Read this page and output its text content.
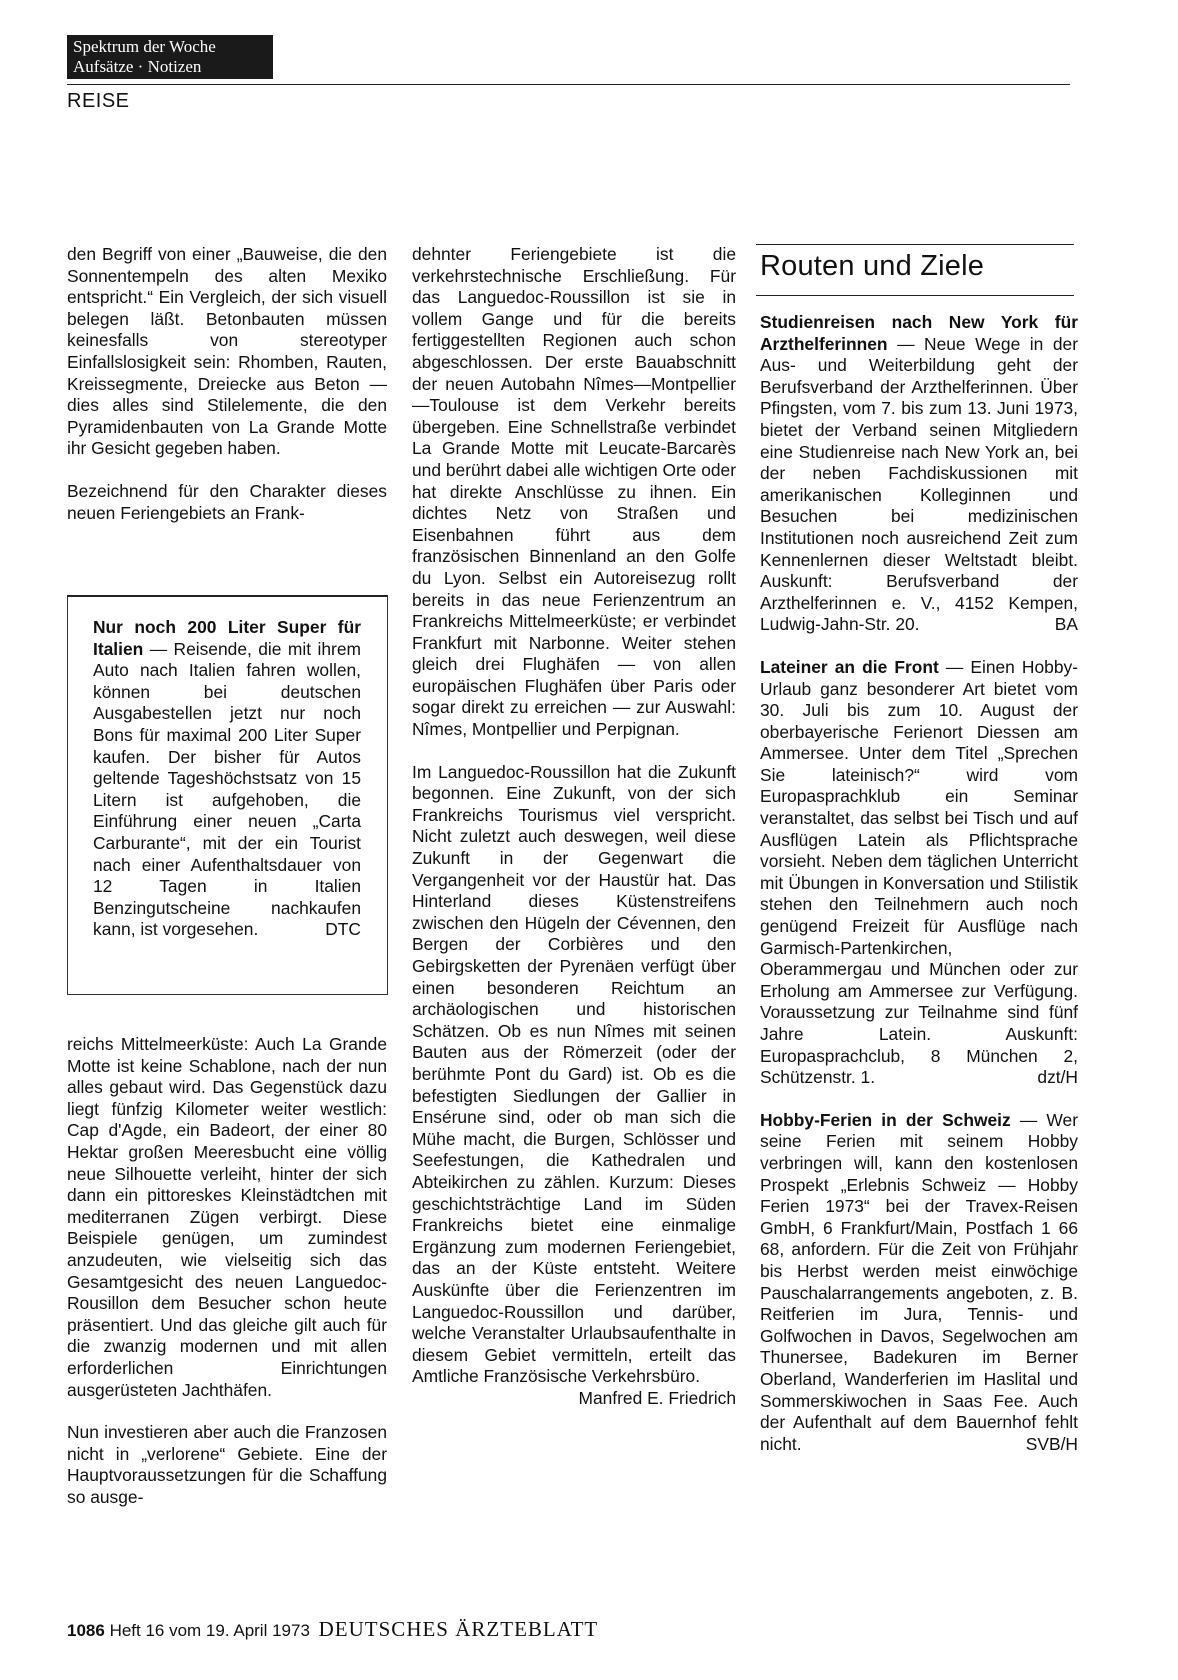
Spektrum der Woche
Aufsätze · Notizen
REISE

den Begriff von einer „Bauweise, die den Sonnentempeln des alten Mexiko entspricht.“ Ein Vergleich, der sich visuell belegen läßt. Betonbauten müssen keinesfalls von stereotyper Einfallslosigkeit sein: Rhomben, Rauten, Kreissegmente, Dreiecke aus Beton — dies alles sind Stilelemente, die den Pyramidenbauten von La Grande Motte ihr Gesicht gegeben haben.

Bezeichnend für den Charakter dieses neuen Feriengebiets an Frank-

Nur noch 200 Liter Super für Italien — Reisende, die mit ihrem Auto nach Italien fahren wollen, können bei deutschen Ausgabestellen jetzt nur noch Bons für maximal 200 Liter Super kaufen. Der bisher für Autos geltende Tageshöchstsatz von 15 Litern ist aufgehoben, die Einführung einer neuen „Carta Carburante“, mit der ein Tourist nach einer Aufenthaltsdauer von 12 Tagen in Italien Benzingutscheine nachkaufen kann, ist vorgesehen.	DTC

reichs Mittelmeerküste: Auch La Grande Motte ist keine Schablone, nach der nun alles gebaut wird. Das Gegenstück dazu liegt fünfzig Kilometer weiter westlich: Cap d'Agde, ein Badeort, der einer 80 Hektar großen Meeresbucht eine völlig neue Silhouette verleiht, hinter der sich dann ein pittoreskes Kleinstädtchen mit mediterranen Zügen verbirgt. Diese Beispiele genügen, um zumindest anzudeuten, wie vielseitig sich das Gesamtgesicht des neuen Languedoc-Rousillon dem Besucher schon heute präsentiert. Und das gleiche gilt auch für die zwanzig modernen und mit allen erforderlichen Einrichtungen ausgerüsteten Jachthäfen.

Nun investieren aber auch die Franzosen nicht in „verlorene“ Gebiete. Eine der Hauptvoraussetzungen für die Schaffung so ausge-

dehnter Feriengebiete ist die verkehrstechnische Erschließung. Für das Languedoc-Roussillon ist sie in vollem Gange und für die bereits fertiggestellten Regionen auch schon abgeschlossen. Der erste Bauabschnitt der neuen Autobahn Nîmes—Montpellier—Toulouse ist dem Verkehr bereits übergeben. Eine Schnellstraße verbindet La Grande Motte mit Leucate-Barcarès und berührt dabei alle wichtigen Orte oder hat direkte Anschlüsse zu ihnen. Ein dichtes Netz von Straßen und Eisenbahnen führt aus dem französischen Binnenland an den Golfe du Lyon. Selbst ein Autoreisezug rollt bereits in das neue Ferienzentrum an Frankreichs Mittelmeerküste; er verbindet Frankfurt mit Narbonne. Weiter stehen gleich drei Flughäfen — von allen europäischen Flughäfen über Paris oder sogar direkt zu erreichen — zur Auswahl: Nîmes, Montpellier und Perpignan.

Im Languedoc-Roussillon hat die Zukunft begonnen. Eine Zukunft, von der sich Frankreichs Tourismus viel verspricht. Nicht zuletzt auch deswegen, weil diese Zukunft in der Gegenwart die Vergangenheit vor der Haustür hat. Das Hinterland dieses Küstenstreifens zwischen den Hügeln der Cévennen, den Bergen der Corbières und den Gebirgsketten der Pyrenäen verfügt über einen besonderen Reichtum an archäologischen und historischen Schätzen. Ob es nun Nîmes mit seinen Bauten aus der Römerzeit (oder der berühmte Pont du Gard) ist. Ob es die befestigten Siedlungen der Gallier in Ensérune sind, oder ob man sich die Mühe macht, die Burgen, Schlösser und Seefestungen, die Kathedralen und Abteikirchen zu zählen. Kurzum: Dieses geschichtsträchtige Land im Süden Frankreichs bietet eine einmalige Ergänzung zum modernen Feriengebiet, das an der Küste entsteht. Weitere Auskünfte über die Ferienzentren im Languedoc-Roussillon und darüber, welche Veranstalter Urlaubsaufenthalte in diesem Gebiet vermitteln, erteilt das Amtliche Französische Verkehrsbüro.
Manfred E. Friedrich

Routen und Ziele

Studienreisen nach New York für Arzthelferinnen — Neue Wege in der Aus- und Weiterbildung geht der Berufsverband der Arzthelferinnen. Über Pfingsten, vom 7. bis zum 13. Juni 1973, bietet der Verband seinen Mitgliedern eine Studienreise nach New York an, bei der neben Fachdiskussionen mit amerikanischen Kolleginnen und Besuchen bei medizinischen Institutionen noch ausreichend Zeit zum Kennenlernen dieser Weltstadt bleibt. Auskunft: Berufsverband der Arzthelferinnen e. V., 4152 Kempen, Ludwig-Jahn-Str. 20.	BA

Lateiner an die Front — Einen Hobby-Urlaub ganz besonderer Art bietet vom 30. Juli bis zum 10. August der oberbayerische Ferienort Diessen am Ammersee. Unter dem Titel „Sprechen Sie lateinisch?“ wird vom Europasprachklub ein Seminar veranstaltet, das selbst bei Tisch und auf Ausflügen Latein als Pflichtsprache vorsieht. Neben dem täglichen Unterricht mit Übungen in Konversation und Stilistik stehen den Teilnehmern auch noch genügend Freizeit für Ausflüge nach Garmisch-Partenkirchen, Oberammergau und München oder zur Erholung am Ammersee zur Verfügung. Voraussetzung zur Teilnahme sind fünf Jahre Latein. Auskunft: Europasprachclub, 8 München 2, Schützenstr. 1.	dzt/H

Hobby-Ferien in der Schweiz — Wer seine Ferien mit seinem Hobby verbringen will, kann den kostenlosen Prospekt „Erlebnis Schweiz — Hobby Ferien 1973“ bei der Travex-Reisen GmbH, 6 Frankfurt/Main, Postfach 1 66 68, anfordern. Für die Zeit von Frühjahr bis Herbst werden meist einwöchige Pauschalarrangements angeboten, z. B. Reitferien im Jura, Tennis- und Golfwochen in Davos, Segelwochen am Thunersee, Badekuren im Berner Oberland, Wanderferien im Haslital und Sommerskiwochen in Saas Fee. Auch der Aufenthalt auf dem Bauernhof fehlt nicht.	SVB/H

1086 Heft 16 vom 19. April 1973 DEUTSCHES ÄRZTEBLATT
